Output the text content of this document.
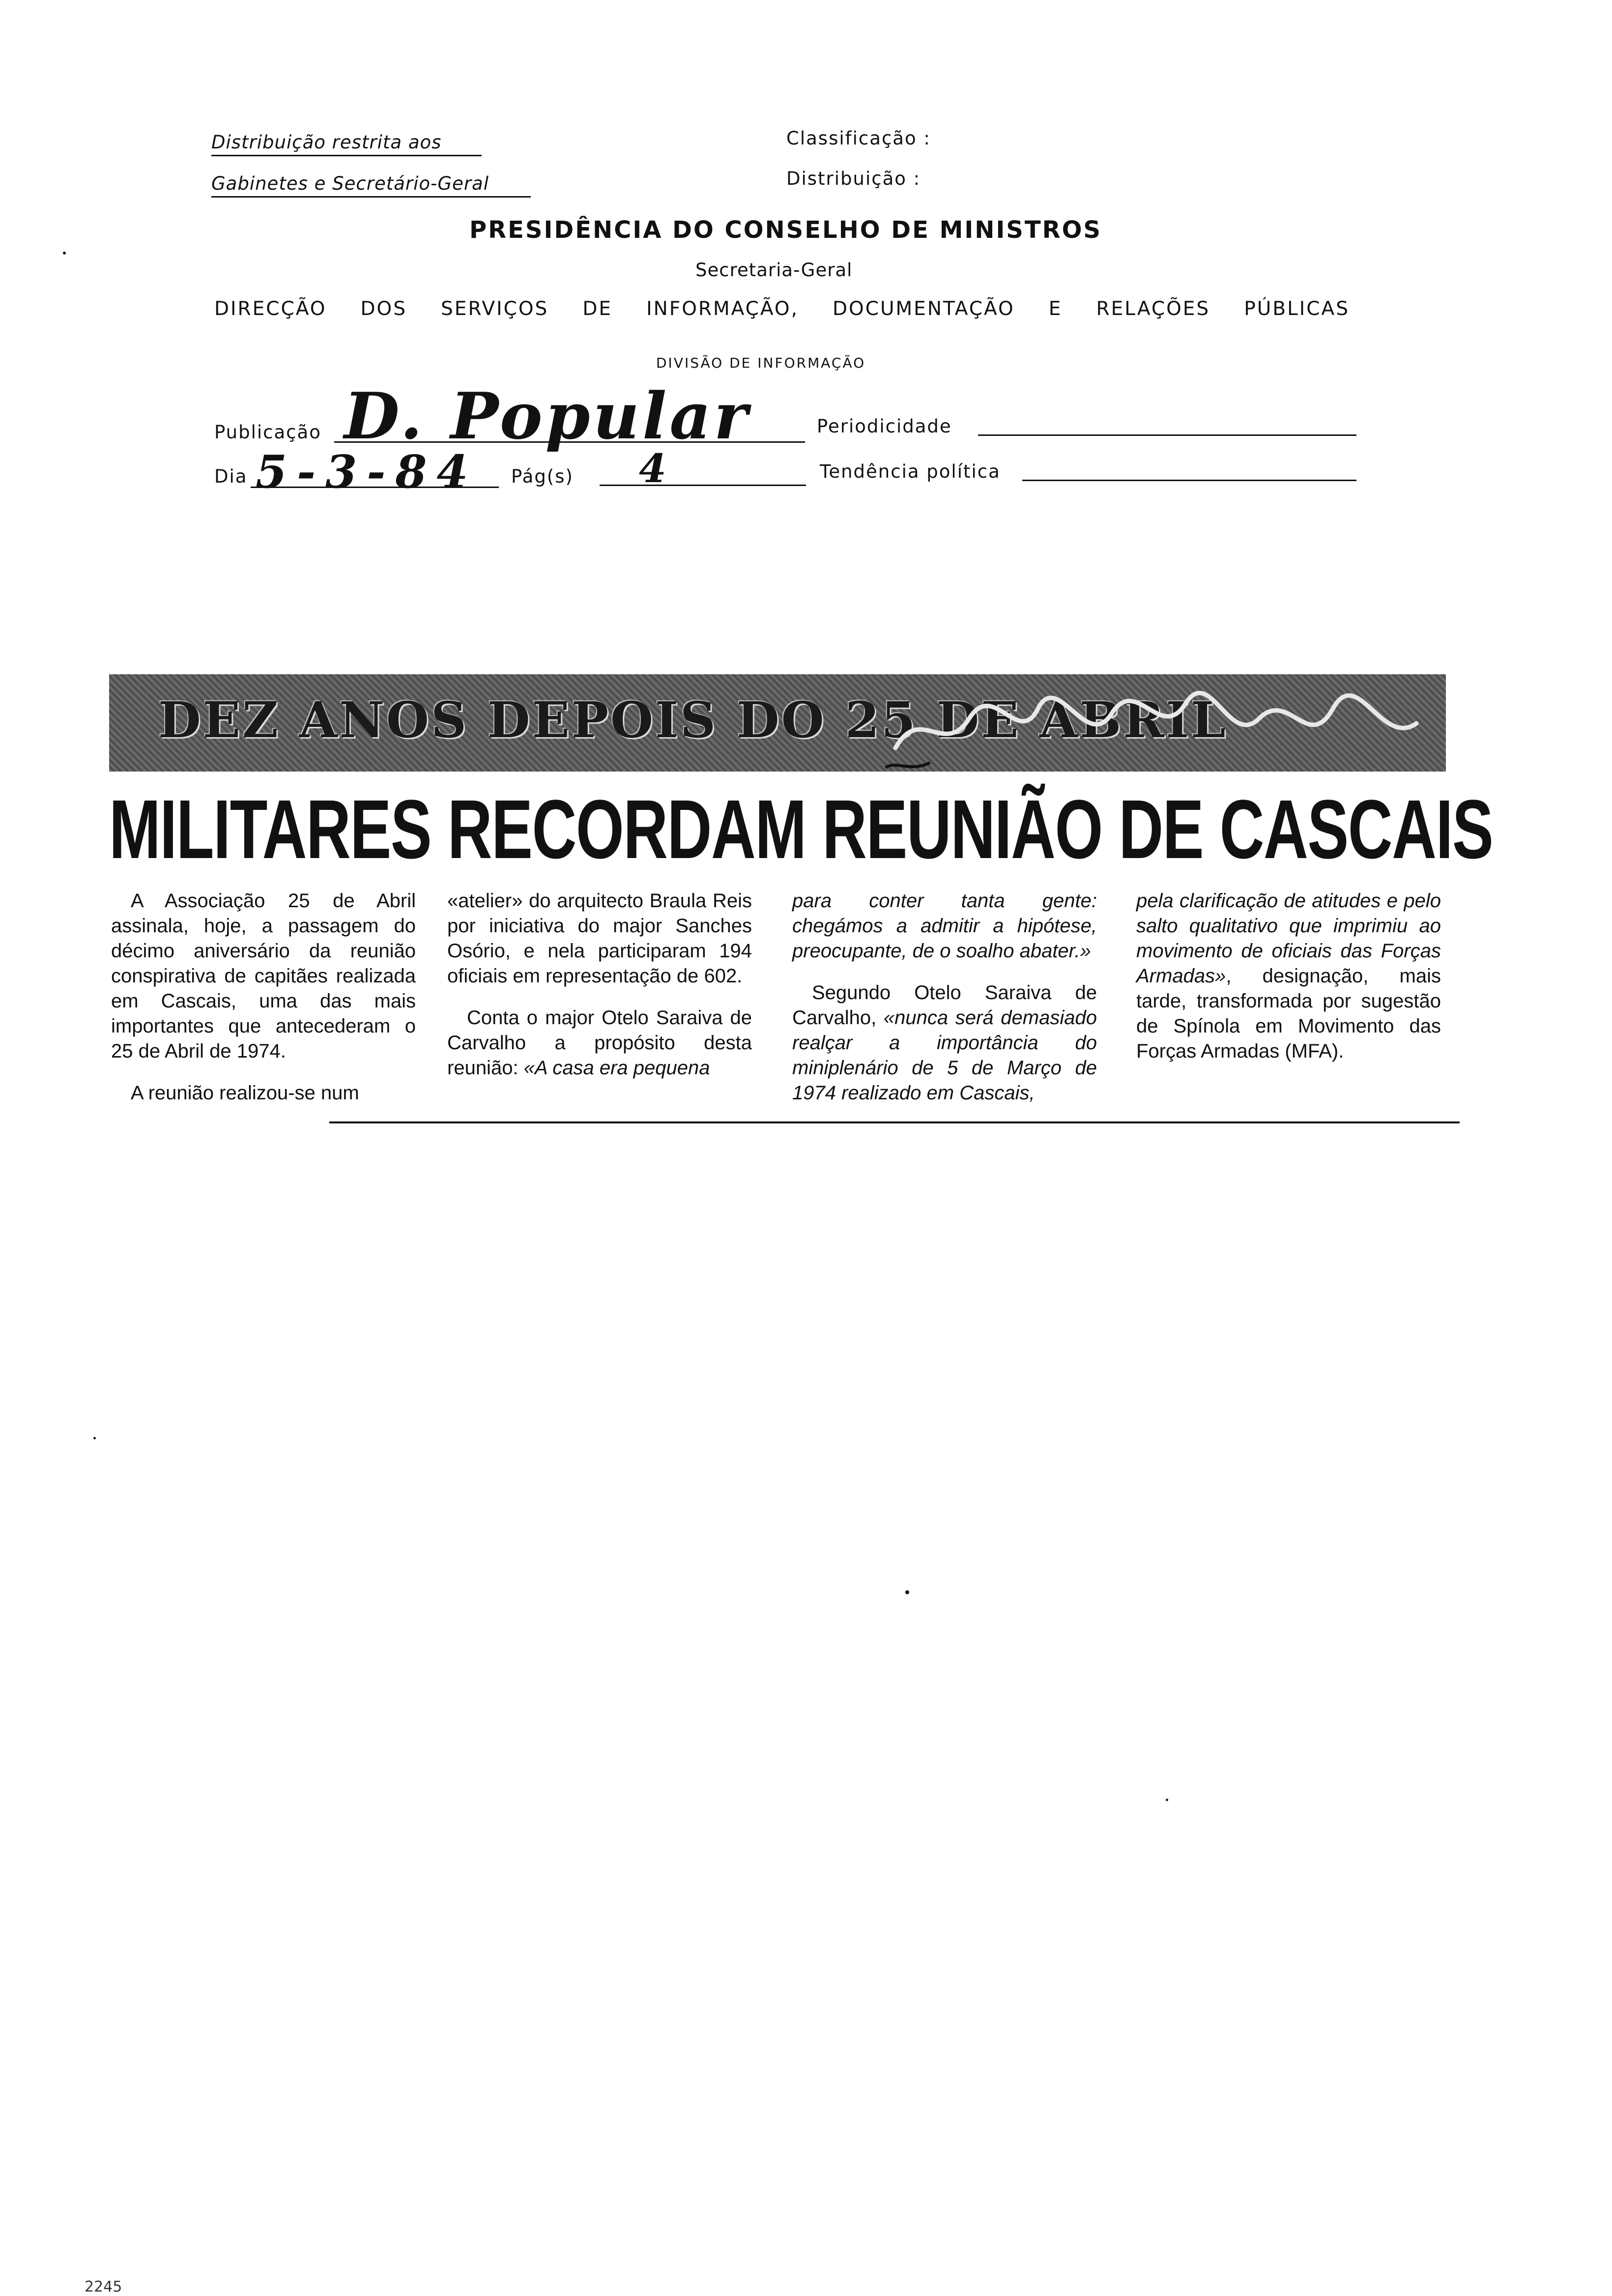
Distribuição restrita aos
Gabinetes e Secretário-Geral
Classificação :
Distribuição :
PRESIDÊNCIA DO CONSELHO DE MINISTROS
Secretaria-Geral
DIRECÇÃO DOS SERVIÇOS DE INFORMAÇÃO, DOCUMENTAÇÃO E RELAÇÕES PÚBLICAS
DIVISÃO DE INFORMAÇÃO
Publicação D. Popular	Periodicidade
Dia 5-3-84 Pág(s) 4	Tendência política
DEZ ANOS DEPOIS DO 25 DE ABRIL
MILITARES RECORDAM REUNIÃO DE CASCAIS

A Associação 25 de Abril assinala, hoje, a passagem do décimo aniversário da reunião conspirativa de capitães realizada em Cascais, uma das mais importantes que antecederam o 25 de Abril de 1974.

A reunião realizou-se num

«atelier» do arquitecto Braula Reis por iniciativa do major Sanches Osório, e nela participaram 194 oficiais em representação de 602.

Conta o major Otelo Saraiva de Carvalho a propósito desta reunião: «A casa era pequena

para conter tanta gente: chegámos a admitir a hipótese, preocupante, de o soalho abater.»

Segundo Otelo Saraiva de Carvalho, «nunca será demasiado realçar a importância do miniplenário de 5 de Março de 1974 realizado em Cascais,

pela clarificação de atitudes e pelo salto qualitativo que imprimiu ao movimento de oficiais das Forças Armadas», designação, mais tarde, transformada por sugestão de Spínola em Movimento das Forças Armadas (MFA).

2245
